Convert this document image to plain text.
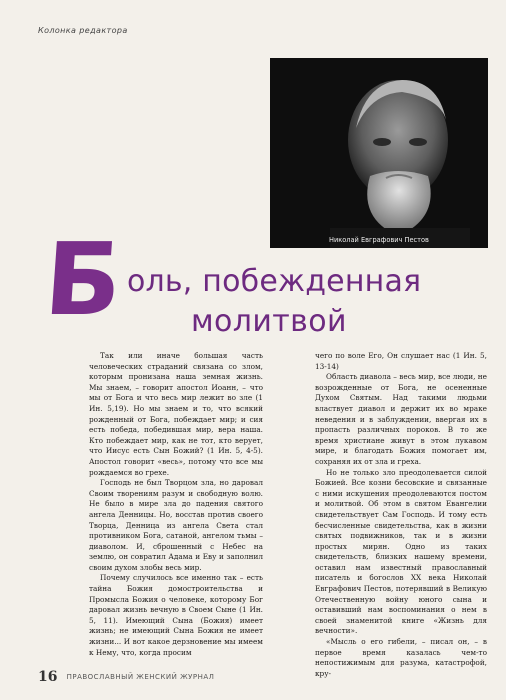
Колонка редактора
Николай Евграфович Пестов
Б оль, побежденная
молитвой

Так или иначе большая часть человеческих страданий связана со злом, которым пронизана наша земная жизнь. Мы знаем, – говорит апостол Иоанн, – что мы от Бога и что весь мир лежит во зле (1 Ин. 5,19). Но мы знаем и то, что всякий рожденный от Бога, побеждает мир; и сия есть победа, победившая мир, вера наша. Кто побеждает мир, как не тот, кто верует, что Иисус есть Сын Божий? (1 Ин. 5, 4-5). Апостол говорит «весь», потому что все мы рождаемся во грехе.

Господь не был Творцом зла, но даровал Своим творениям разум и свободную волю. Не было в мире зла до падения святого ангела Денницы. Но, восстав против своего Творца, Денница из ангела Света стал противником Бога, сатаной, ангелом тьмы – диаволом. И, сброшенный с Небес на землю, он совратил Адама и Еву и заполнил своим духом злобы весь мир.

Почему случилось все именно так – есть тайна Божия домостроительства и Промысла Божия о человеке, которому Бог даровал жизнь вечную в Своем Сыне (1 Ин. 5, 11). Имеющий Сына (Божия) имеет жизнь; не имеющий Сына Божия не имеет жизни... И вот какое дерзновение мы имеем к Нему, что, когда просим

чего по воле Его, Он слушает нас (1 Ин. 5, 13-14)

Область диавола – весь мир, все люди, не возрожденные от Бога, не осененные Духом Святым. Над такими людьми властвует диавол и держит их во мраке неведения и в заблуждении, ввергая их в пропасть различных пороков. В то же время христиане живут в этом лукавом мире, и благодать Божия помогает им, сохраняя их от зла и греха.

Но не только зло преодолевается силой Божией. Все козни бесовские и связанные с ними искушения преодолеваются постом и молитвой. Об этом в святом Евангелии свидетельствует Сам Господь. И тому есть бесчисленные свидетельства, как в жизни святых подвижников, так и в жизни простых мирян. Одно из таких свидетельств, близких нашему времени, оставил нам известный православный писатель и богослов XX века Николай Евграфович Пестов, потерявший в Великую Отечественную войну юного сына и оставивший нам воспоминания о нем в своей знаменитой книге «Жизнь для вечности».

«Мысль о его гибели, – писал он, – в первое время казалась чем-то непостижимым для разума, катастрофой, кру-

16 ПРАВОСЛАВНЫЙ ЖЕНСКИЙ ЖУРНАЛ
